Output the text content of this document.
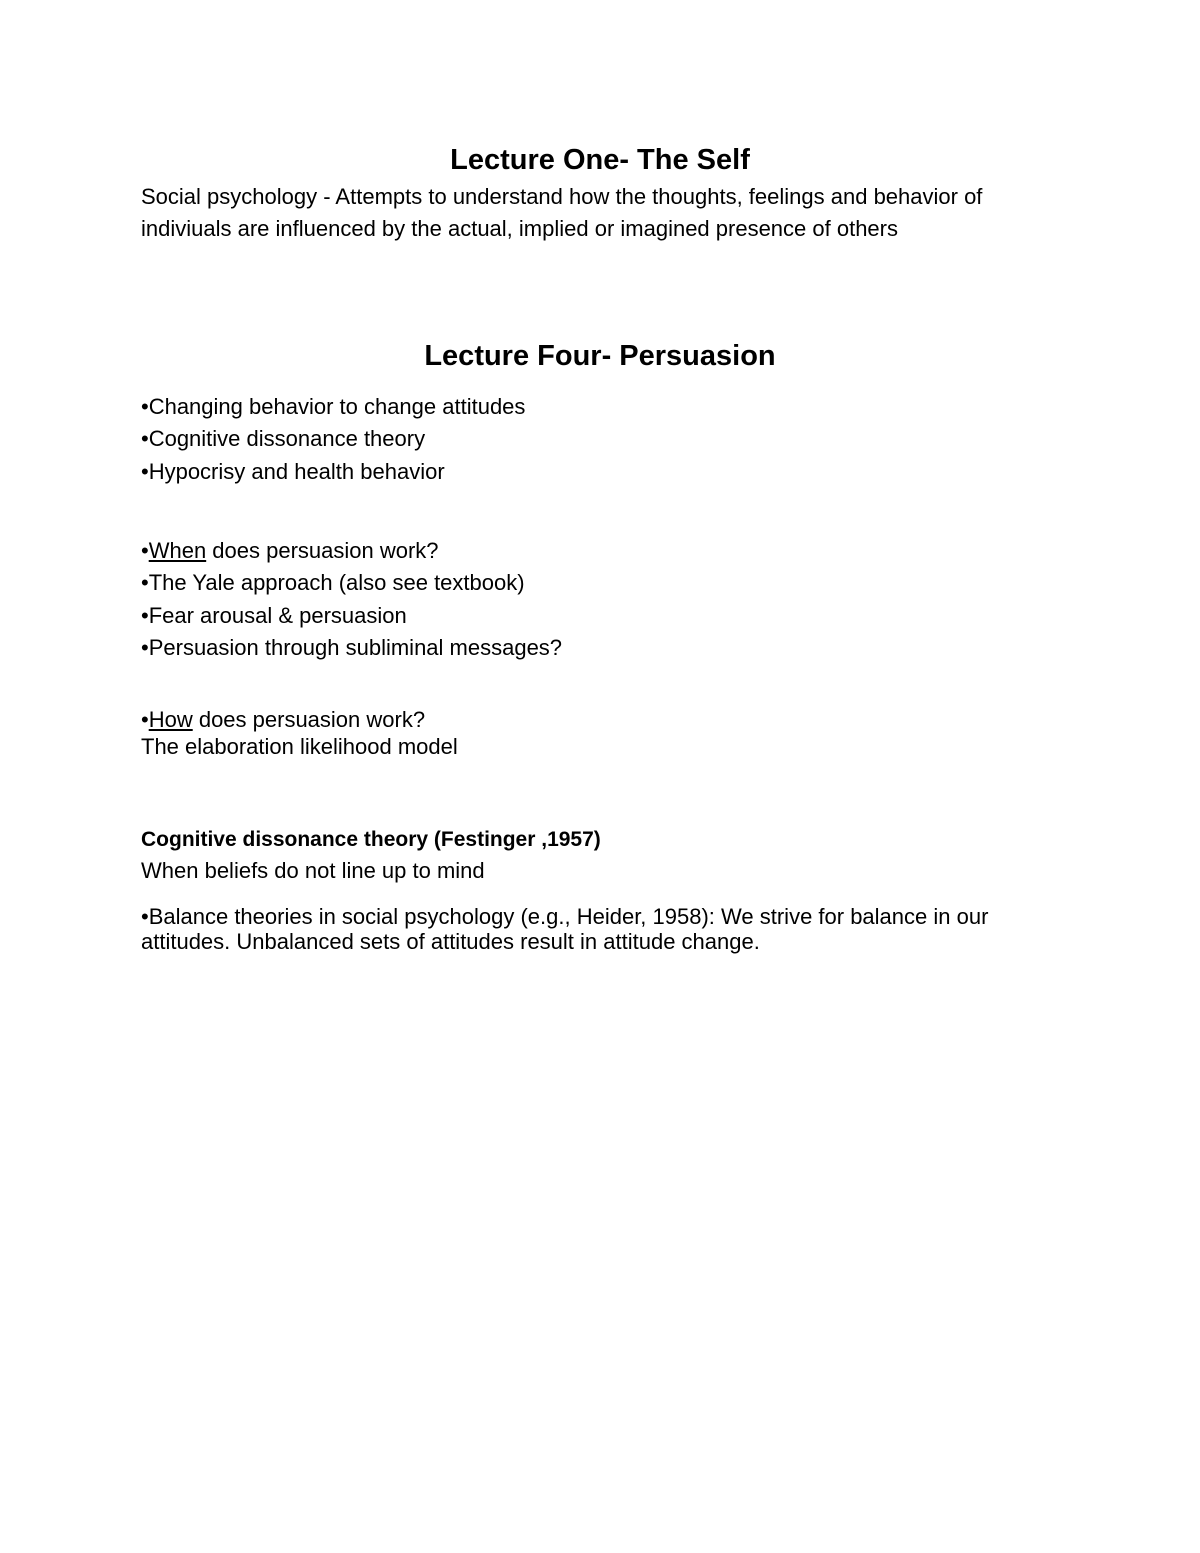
Lecture One- The Self

Social psychology - Attempts to understand how the thoughts, feelings and behavior of indiviuals are influenced by the actual, implied or imagined presence of others

Lecture Four- Persuasion

•Changing behavior to change attitudes

•Cognitive dissonance theory

•Hypocrisy and health behavior

•When does persuasion work?

•The Yale approach (also see textbook)

•Fear arousal & persuasion

•Persuasion through subliminal messages?

•How does persuasion work?

The elaboration likelihood model

Cognitive dissonance theory (Festinger ,1957)

When beliefs do not line up to mind

•Balance theories in social psychology (e.g., Heider, 1958): We strive for balance in our attitudes. Unbalanced sets of attitudes result in attitude change.
